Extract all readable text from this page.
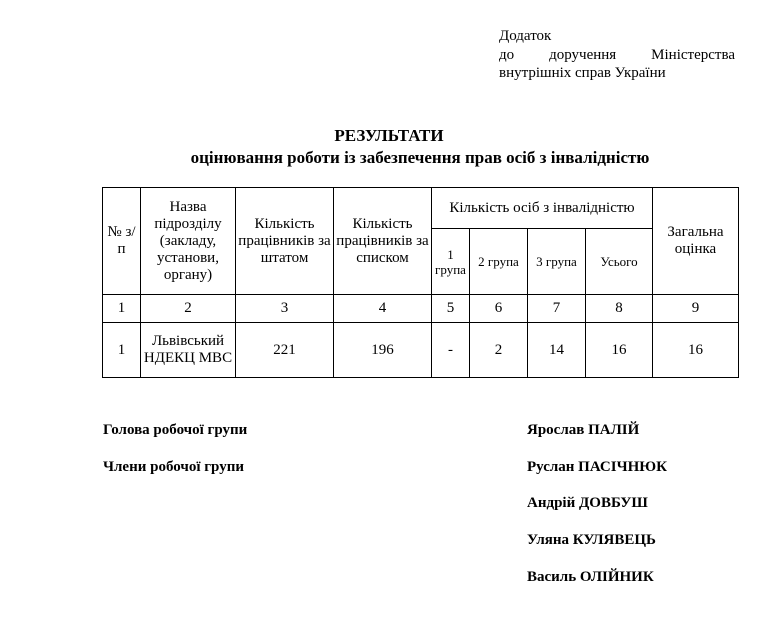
Додаток
до доручення Міністерства
внутрішніх справ України
РЕЗУЛЬТАТИ
оцінювання роботи із забезпечення прав осіб з інвалідністю
№ з/п	Назва підрозділу (закладу, установи, органу)	Кількість працівників за штатом	Кількість працівників за списком	Кількість осіб з інвалідністю				Загальна оцінка
				1 група	2 група	3 група	Усього	
1	2	3	4	5	6	7	8	9
1	Львівський НДЕКЦ МВС	221	196	-	2	14	16	16
Голова робочої групи	Ярослав ПАЛІЙ
Члени робочої групи	Руслан ПАСІЧНЮК
Андрій ДОВБУШ
Уляна КУЛЯВЕЦЬ
Василь ОЛІЙНИК
